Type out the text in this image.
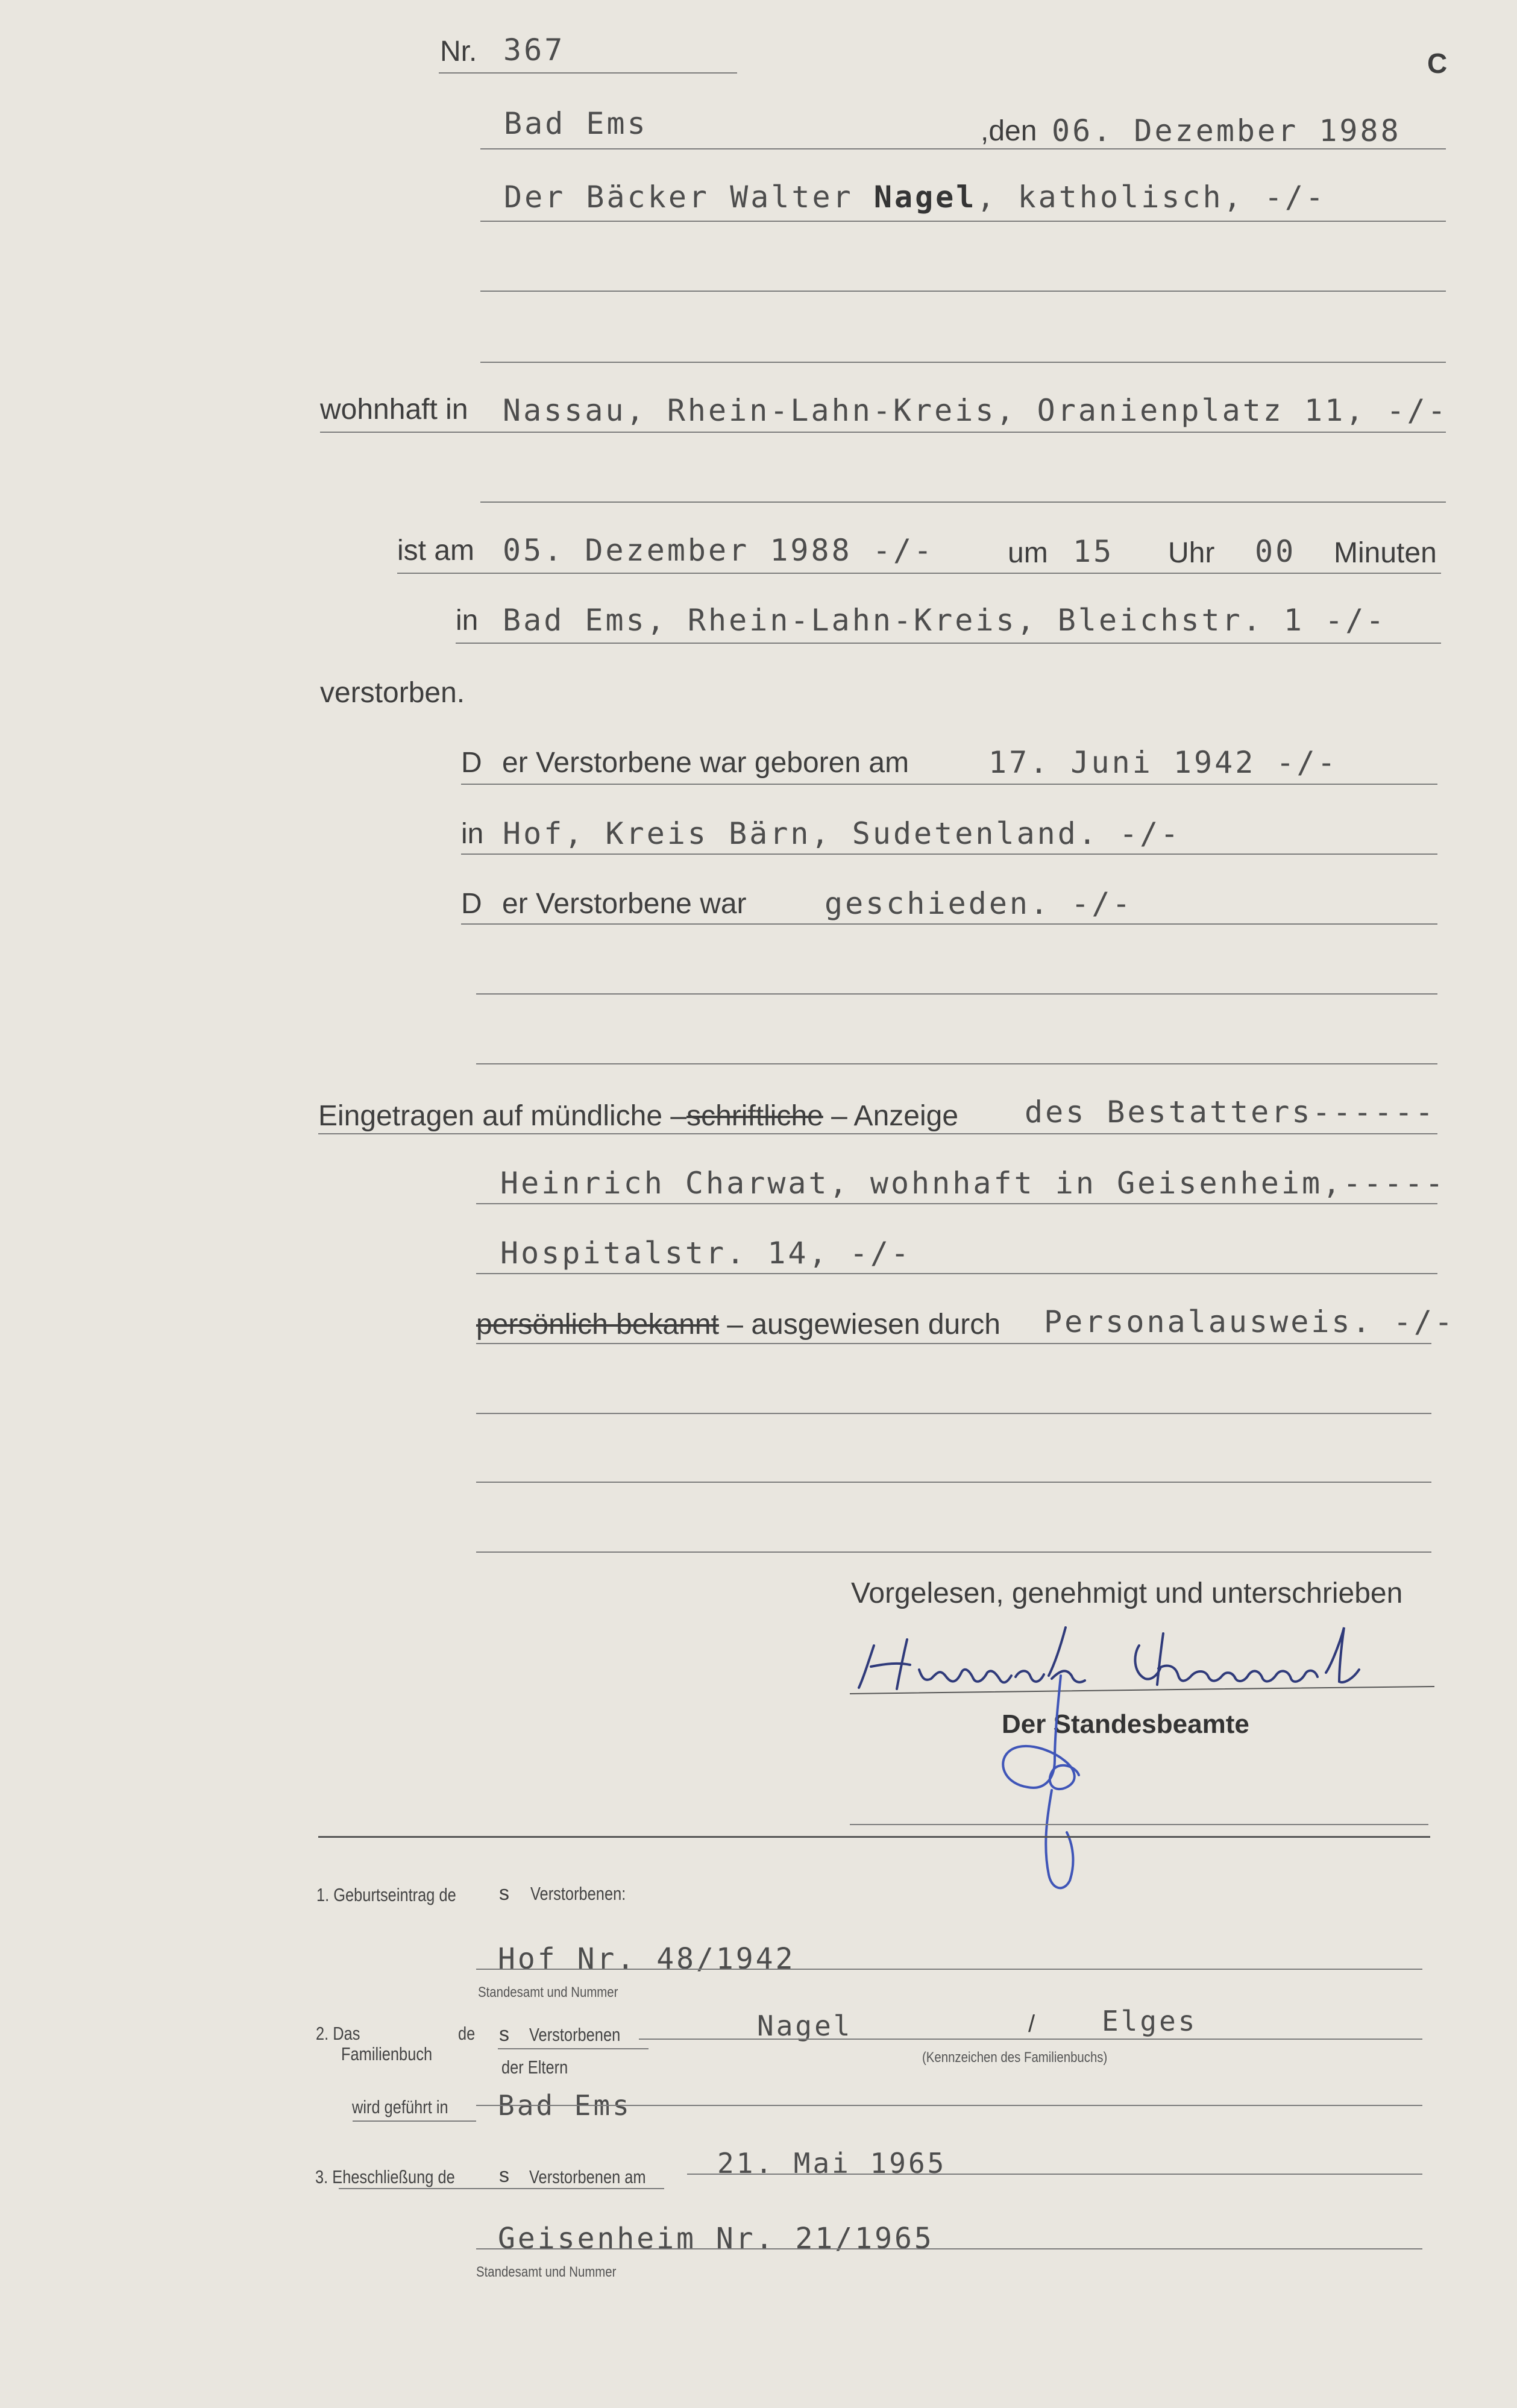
C
Nr. 367
Bad Ems	,den 06. Dezember 1988
Der Bäcker Walter Nagel, katholisch, -/-
wohnhaft in Nassau, Rhein-Lahn-Kreis, Oranienplatz 11, -/-
ist am 05. Dezember 1988 -/-	um 15 Uhr 00 Minuten
in Bad Ems, Rhein-Lahn-Kreis, Bleichstr. 1 -/-
verstorben.
D er Verstorbene war geboren am	17. Juni 1942 -/-
in Hof, Kreis Bärn, Sudetenland. -/-
D er Verstorbene war	geschieden. -/-
Eingetragen auf mündliche –schriftliche – Anzeige des Bestatters------
Heinrich Charwat, wohnhaft in Geisenheim,-----
Hospitalstr. 14, -/-
persönlich bekannt – ausgewiesen durch Personalausweis. -/-
Vorgelesen, genehmigt und unterschrieben
Der Standesbeamte
1. Geburtseintrag de s Verstorbenen:
Hof Nr. 48/1942
Standesamt und Nummer
2. Das
Familienbuch
de s Verstorbenen
der Eltern
Nagel	/ Elges
(Kennzeichen des Familienbuchs)
wird geführt in Bad Ems
3. Eheschließung de s Verstorbenen am	21. Mai 1965
Geisenheim Nr. 21/1965
Standesamt und Nummer
